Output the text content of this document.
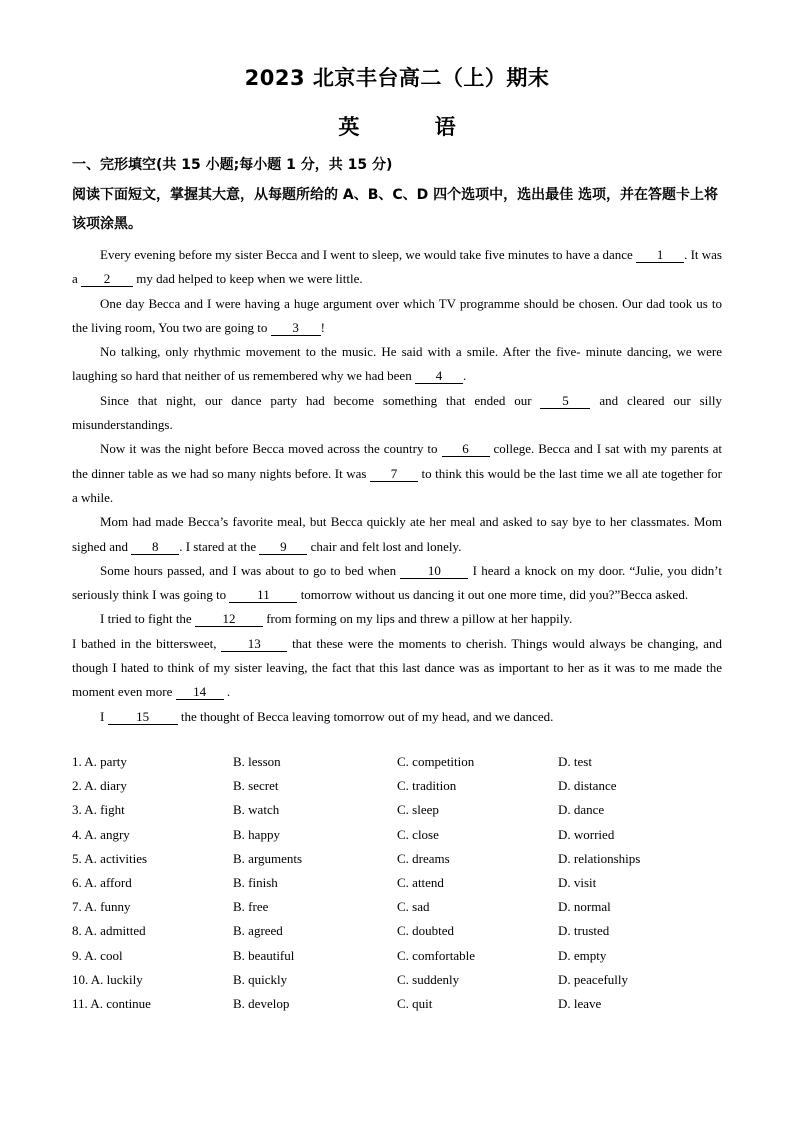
2023 北京丰台高二（上）期末
英 语
一、完形填空(共 15 小题;每小题 1 分，共 15 分)
阅读下面短文，掌握其大意，从每题所给的 A、B、C、D 四个选项中，选出最佳 选项，并在答题卡上将该项涂黑。

Every evening before my sister Becca and I went to sleep, we would take five minutes to have a dance 1 . It was a 2 my dad helped to keep when we were little.

One day Becca and I were having a huge argument over which TV programme should be chosen. Our dad took us to the living room, You two are going to 3 !

No talking, only rhythmic movement to the music. He said with a smile. After the five- minute dancing, we were laughing so hard that neither of us remembered why we had been 4 .

Since that night, our dance party had become something that ended our 5 and cleared our silly misunderstandings.

Now it was the night before Becca moved across the country to 6 college. Becca and I sat with my parents at the dinner table as we had so many nights before. It was 7 to think this would be the last time we all ate together for a while.

Mom had made Becca’s favorite meal, but Becca quickly ate her meal and asked to say bye to her classmates. Mom sighed and 8 . I stared at the 9 chair and felt lost and lonely.

Some hours passed, and I was about to go to bed when 10 I heard a knock on my door. “Julie, you didn’t seriously think I was going to 11 tomorrow without us dancing it out one more time, did you?”Becca asked.

I tried to fight the 12 from forming on my lips and threw a pillow at her happily.

I bathed in the bittersweet, 13 that these were the moments to cherish. Things would always be changing, and though I hated to think of my sister leaving, the fact that this last dance was as important to her as it was to me made the moment even more 14 .

I 15 the thought of Becca leaving tomorrow out of my head, and we danced.

1. A. party	B. lesson	C. competition	D. test
2. A. diary	B. secret	C. tradition	D. distance
3. A. fight	B. watch	C. sleep	D. dance
4. A. angry	B. happy	C. close	D. worried
5. A. activities	B. arguments	C. dreams	D. relationships
6. A. afford	B. finish	C. attend	D. visit
7. A. funny	B. free	C. sad	D. normal
8. A. admitted	B. agreed	C. doubted	D. trusted
9. A. cool	B. beautiful	C. comfortable	D. empty
10. A. luckily	B. quickly	C. suddenly	D. peacefully
11. A. continue	B. develop	C. quit	D. leave
